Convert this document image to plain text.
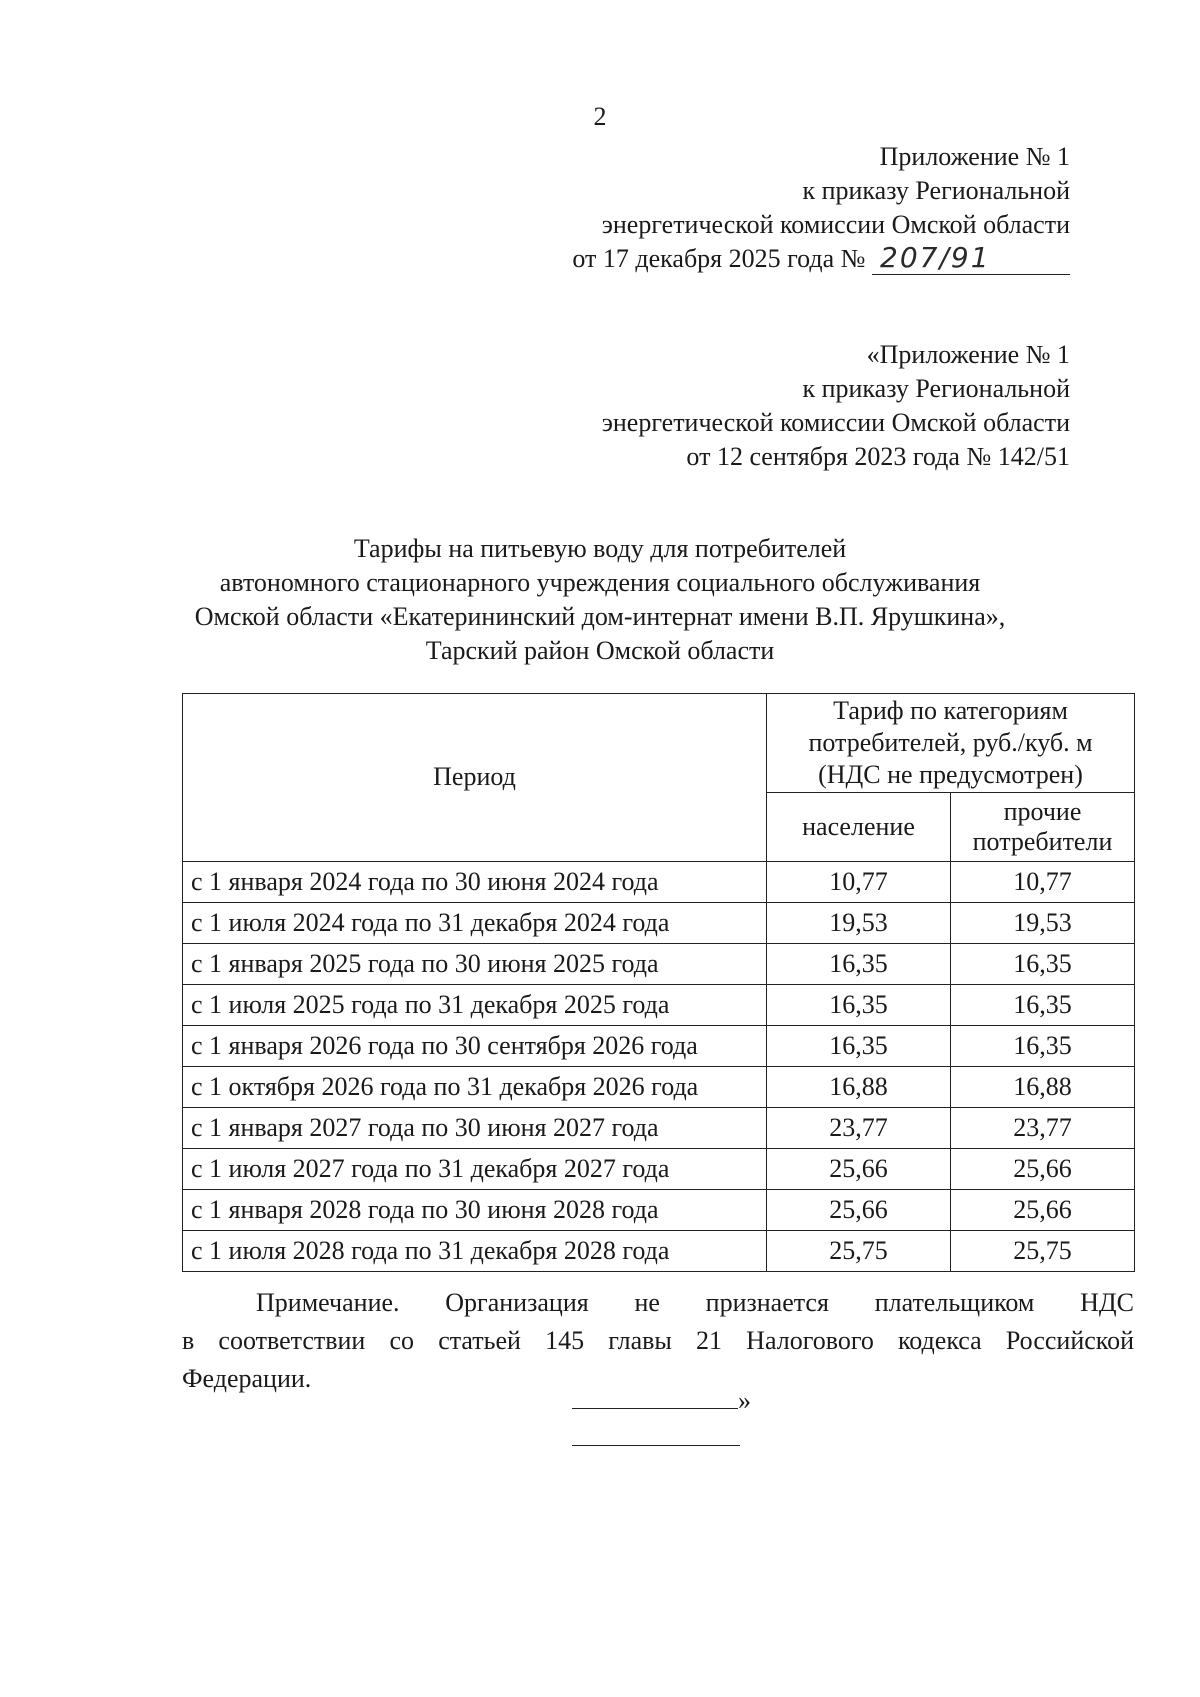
2
Приложение № 1
к приказу Региональной
энергетической комиссии Омской области
от 17 декабря 2025 года № 207/91
«Приложение № 1
к приказу Региональной
энергетической комиссии Омской области
от 12 сентября 2023 года № 142/51
Тарифы на питьевую воду для потребителей
автономного стационарного учреждения социального обслуживания
Омской области «Екатерининский дом-интернат имени В.П. Ярушкина»,
Тарский район Омской области
Период	Тариф по категориям
потребителей, руб./куб. м
(НДС не предусмотрен)	

	население	прочие
потребители

с 1 января 2024 года по 30 июня 2024 года	10,77	10,77
с 1 июля 2024 года по 31 декабря 2024 года	19,53	19,53
с 1 января 2025 года по 30 июня 2025 года	16,35	16,35
с 1 июля 2025 года по 31 декабря 2025 года	16,35	16,35
с 1 января 2026 года по 30 сентября 2026 года	16,35	16,35
с 1 октября 2026 года по 31 декабря 2026 года	16,88	16,88
с 1 января 2027 года по 30 июня 2027 года	23,77	23,77
с 1 июля 2027 года по 31 декабря 2027 года	25,66	25,66
с 1 января 2028 года по 30 июня 2028 года	25,66	25,66
с 1 июля 2028 года по 31 декабря 2028 года	25,75	25,75
Примечание. Организация не признается плательщиком НДС
в соответствии со статьей 145 главы 21 Налогового кодекса Российской
Федерации.
»
